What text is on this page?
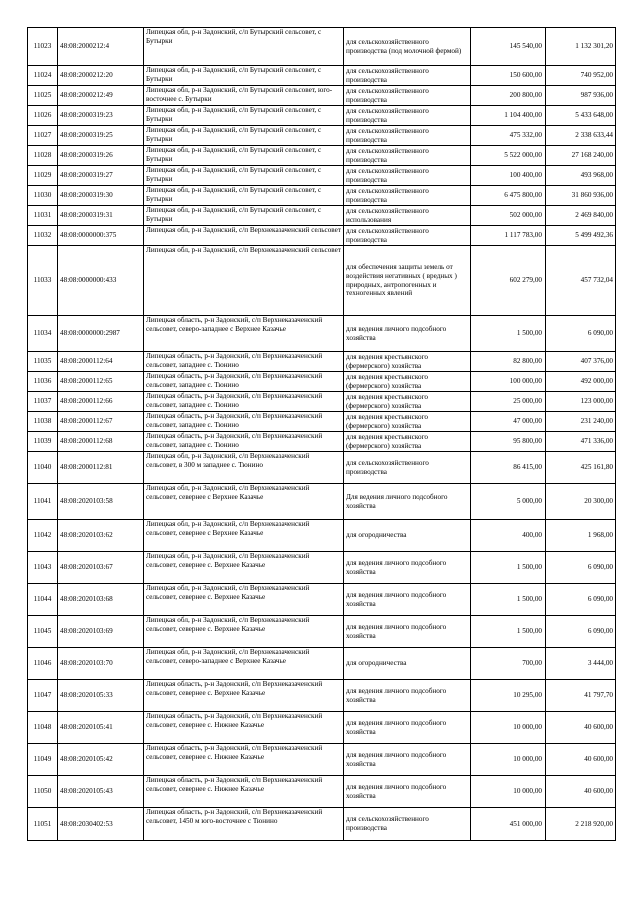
11023	48:08:2000212:4	Липецкая обл, р-н Задонский, с/п Бутырский сельсовет, с Бутырки	для сельскохозяйственного производства (под молочной фермой)	145 540,00	1 132 301,20
11024	48:08:2000212:20	Липецкая обл, р-н Задонский, с/п Бутырский сельсовет, с Бутырки	для сельскохозяйственного производства	150 600,00	740 952,00
11025	48:08:2000212:49	Липецкая обл, р-н Задонский, с/п Бутырский сельсовет, юго-восточнее с. Бутырки	для сельскохозяйственного производства	200 800,00	987 936,00
11026	48:08:2000319:23	Липецкая обл, р-н Задонский, с/п Бутырский сельсовет, с Бутырки	для сельскохозяйственного производства	1 104 400,00	5 433 648,00
11027	48:08:2000319:25	Липецкая обл, р-н Задонский, с/п Бутырский сельсовет, с Бутырки	для сельскохозяйственного производства	475 332,00	2 338 633,44
11028	48:08:2000319:26	Липецкая обл, р-н Задонский, с/п Бутырский сельсовет, с Бутырки	для сельскохозяйственного производства	5 522 000,00	27 168 240,00
11029	48:08:2000319:27	Липецкая обл, р-н Задонский, с/п Бутырский сельсовет, с Бутырки	для сельскохозяйственного производства	100 400,00	493 968,00
11030	48:08:2000319:30	Липецкая обл, р-н Задонский, с/п Бутырский сельсовет, с Бутырки	для сельскохозяйственного производства	6 475 800,00	31 860 936,00
11031	48:08:2000319:31	Липецкая обл, р-н Задонский, с/п Бутырский сельсовет, с Бутырки	для сельскохозяйственного использования	502 000,00	2 469 840,00
11032	48:08:0000000:375	Липецкая обл, р-н Задонский, с/п Верхнеказаченский сельсовет	для сельскохозяйственного производства	1 117 783,00	5 499 492,36
11033	48:08:0000000:433	Липецкая обл, р-н Задонский, с/п Верхнеказаченский сельсовет	для обеспечения защиты земель от воздействия негативных ( вредных ) природных, антропогенных и техногенных явлений	602 279,00	457 732,04
11034	48:08:0000000:2987	Липецкая область, р-н Задонский, с/п Верхнеказаченский сельсовет, северо-западнее с Верхнее Казачье	для ведения личного подсобного хозяйства	1 500,00	6 090,00
11035	48:08:2000112:64	Липецкая область, р-н Задонский, с/п Верхнеказаченский сельсовет, западнее с. Тюнино	для ведения крестьянского (фермерского) хозяйства	82 800,00	407 376,00
11036	48:08:2000112:65	Липецкая область, р-н Задонский, с/п Верхнеказаченский сельсовет, западнее с. Тюнино	для ведения крестьянского (фермерского) хозяйства	100 000,00	492 000,00
11037	48:08:2000112:66	Липецкая область, р-н Задонский, с/п Верхнеказаченский сельсовет, западнее с. Тюнино	для ведения крестьянского (фермерского) хозяйства	25 000,00	123 000,00
11038	48:08:2000112:67	Липецкая область, р-н Задонский, с/п Верхнеказаченский сельсовет, западнее с. Тюнино	для ведения крестьянского (фермерского) хозяйства	47 000,00	231 240,00
11039	48:08:2000112:68	Липецкая область, р-н Задонский, с/п Верхнеказаченский сельсовет, западнее с. Тюнино	для ведения крестьянского (фермерского) хозяйства	95 800,00	471 336,00
11040	48:08:2000112:81	Липецкая обл, р-н Задонский, с/п Верхнеказаченский сельсовет, в 300 м западнее с. Тюнино	для сельскохозяйственного производства	86 415,00	425 161,80
11041	48:08:2020103:58	Липецкая обл, р-н Задонский, с/п Верхнеказаченский сельсовет, севернее с Верхнее Казачье	Для ведения личного подсобного хозяйства	5 000,00	20 300,00
11042	48:08:2020103:62	Липецкая обл, р-н Задонский, с/п Верхнеказаченский сельсовет, севернее с Верхнее Казачье	для огородничества	400,00	1 968,00
11043	48:08:2020103:67	Липецкая обл, р-н Задонский, с/п Верхнеказаченский сельсовет, севернее с. Верхнее Казачье	для ведения личного подсобного хозяйства	1 500,00	6 090,00
11044	48:08:2020103:68	Липецкая обл, р-н Задонский, с/п Верхнеказаченский сельсовет, севернее с. Верхнее Казачье	для ведения личного подсобного хозяйства	1 500,00	6 090,00
11045	48:08:2020103:69	Липецкая обл, р-н Задонский, с/п Верхнеказаченский сельсовет, севернее с. Верхнее Казачье	для ведения личного подсобного хозяйства	1 500,00	6 090,00
11046	48:08:2020103:70	Липецкая обл, р-н Задонский, с/п Верхнеказаченский сельсовет, северо-западнее с Верхнее Казачье	для огородничества	700,00	3 444,00
11047	48:08:2020105:33	Липецкая область, р-н Задонский, с/п Верхнеказаченский сельсовет, севернее с. Верхнее Казачье	для ведения личного подсобного хозяйства	10 295,00	41 797,70
11048	48:08:2020105:41	Липецкая область, р-н Задонский, с/п Верхнеказаченский сельсовет, севернее с. Нижнее Казачье	для ведения личного подсобного хозяйства	10 000,00	40 600,00
11049	48:08:2020105:42	Липецкая область, р-н Задонский, с/п Верхнеказаченский сельсовет, севернее с. Нижнее Казачье	для ведения личного подсобного хозяйства	10 000,00	40 600,00
11050	48:08:2020105:43	Липецкая область, р-н Задонский, с/п Верхнеказаченский сельсовет, севернее с. Нижнее Казачье	для ведения личного подсобного хозяйства	10 000,00	40 600,00
11051	48:08:2030402:53	Липецкая область, р-н Задонский, с/п Верхнеказаченский сельсовет, 1450 м юго-восточнее с Тюнино	для сельскохозяйственного производства	451 000,00	2 218 920,00
